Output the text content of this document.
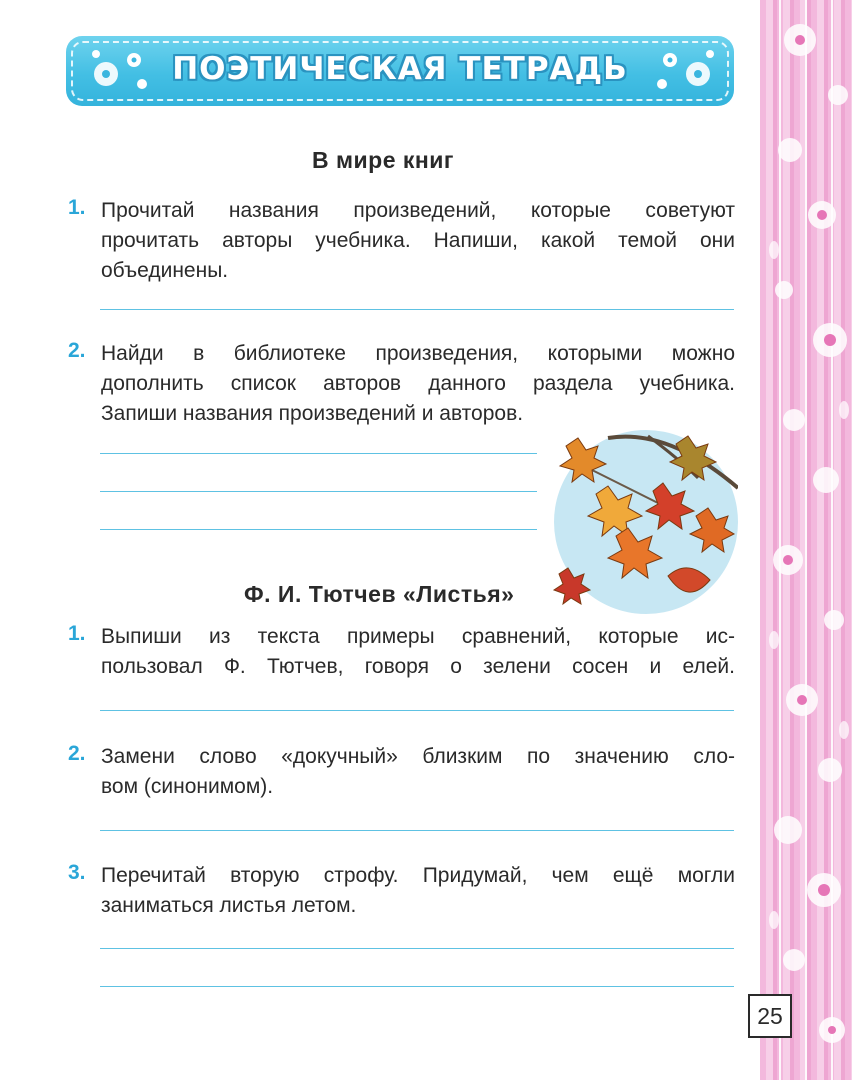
ПОЭТИЧЕСКАЯ ТЕТРАДЬ
В мире книг
1. Прочитай названия произведений, которые советуют
прочитать авторы учебника. Напиши, какой темой они
объединены.
2. Найди в библиотеке произведения, которыми можно
дополнить список авторов данного раздела учебника.
Запиши названия произведений и авторов.
Ф. И. Тютчев «Листья»
1. Выпиши из текста примеры сравнений, которые ис-
пользовал Ф. Тютчев, говоря о зелени сосен и елей.
2. Замени слово «докучный» близким по значению сло-
вом (синонимом).
3. Перечитай вторую строфу. Придумай, чем ещё могли
заниматься листья летом.
25
